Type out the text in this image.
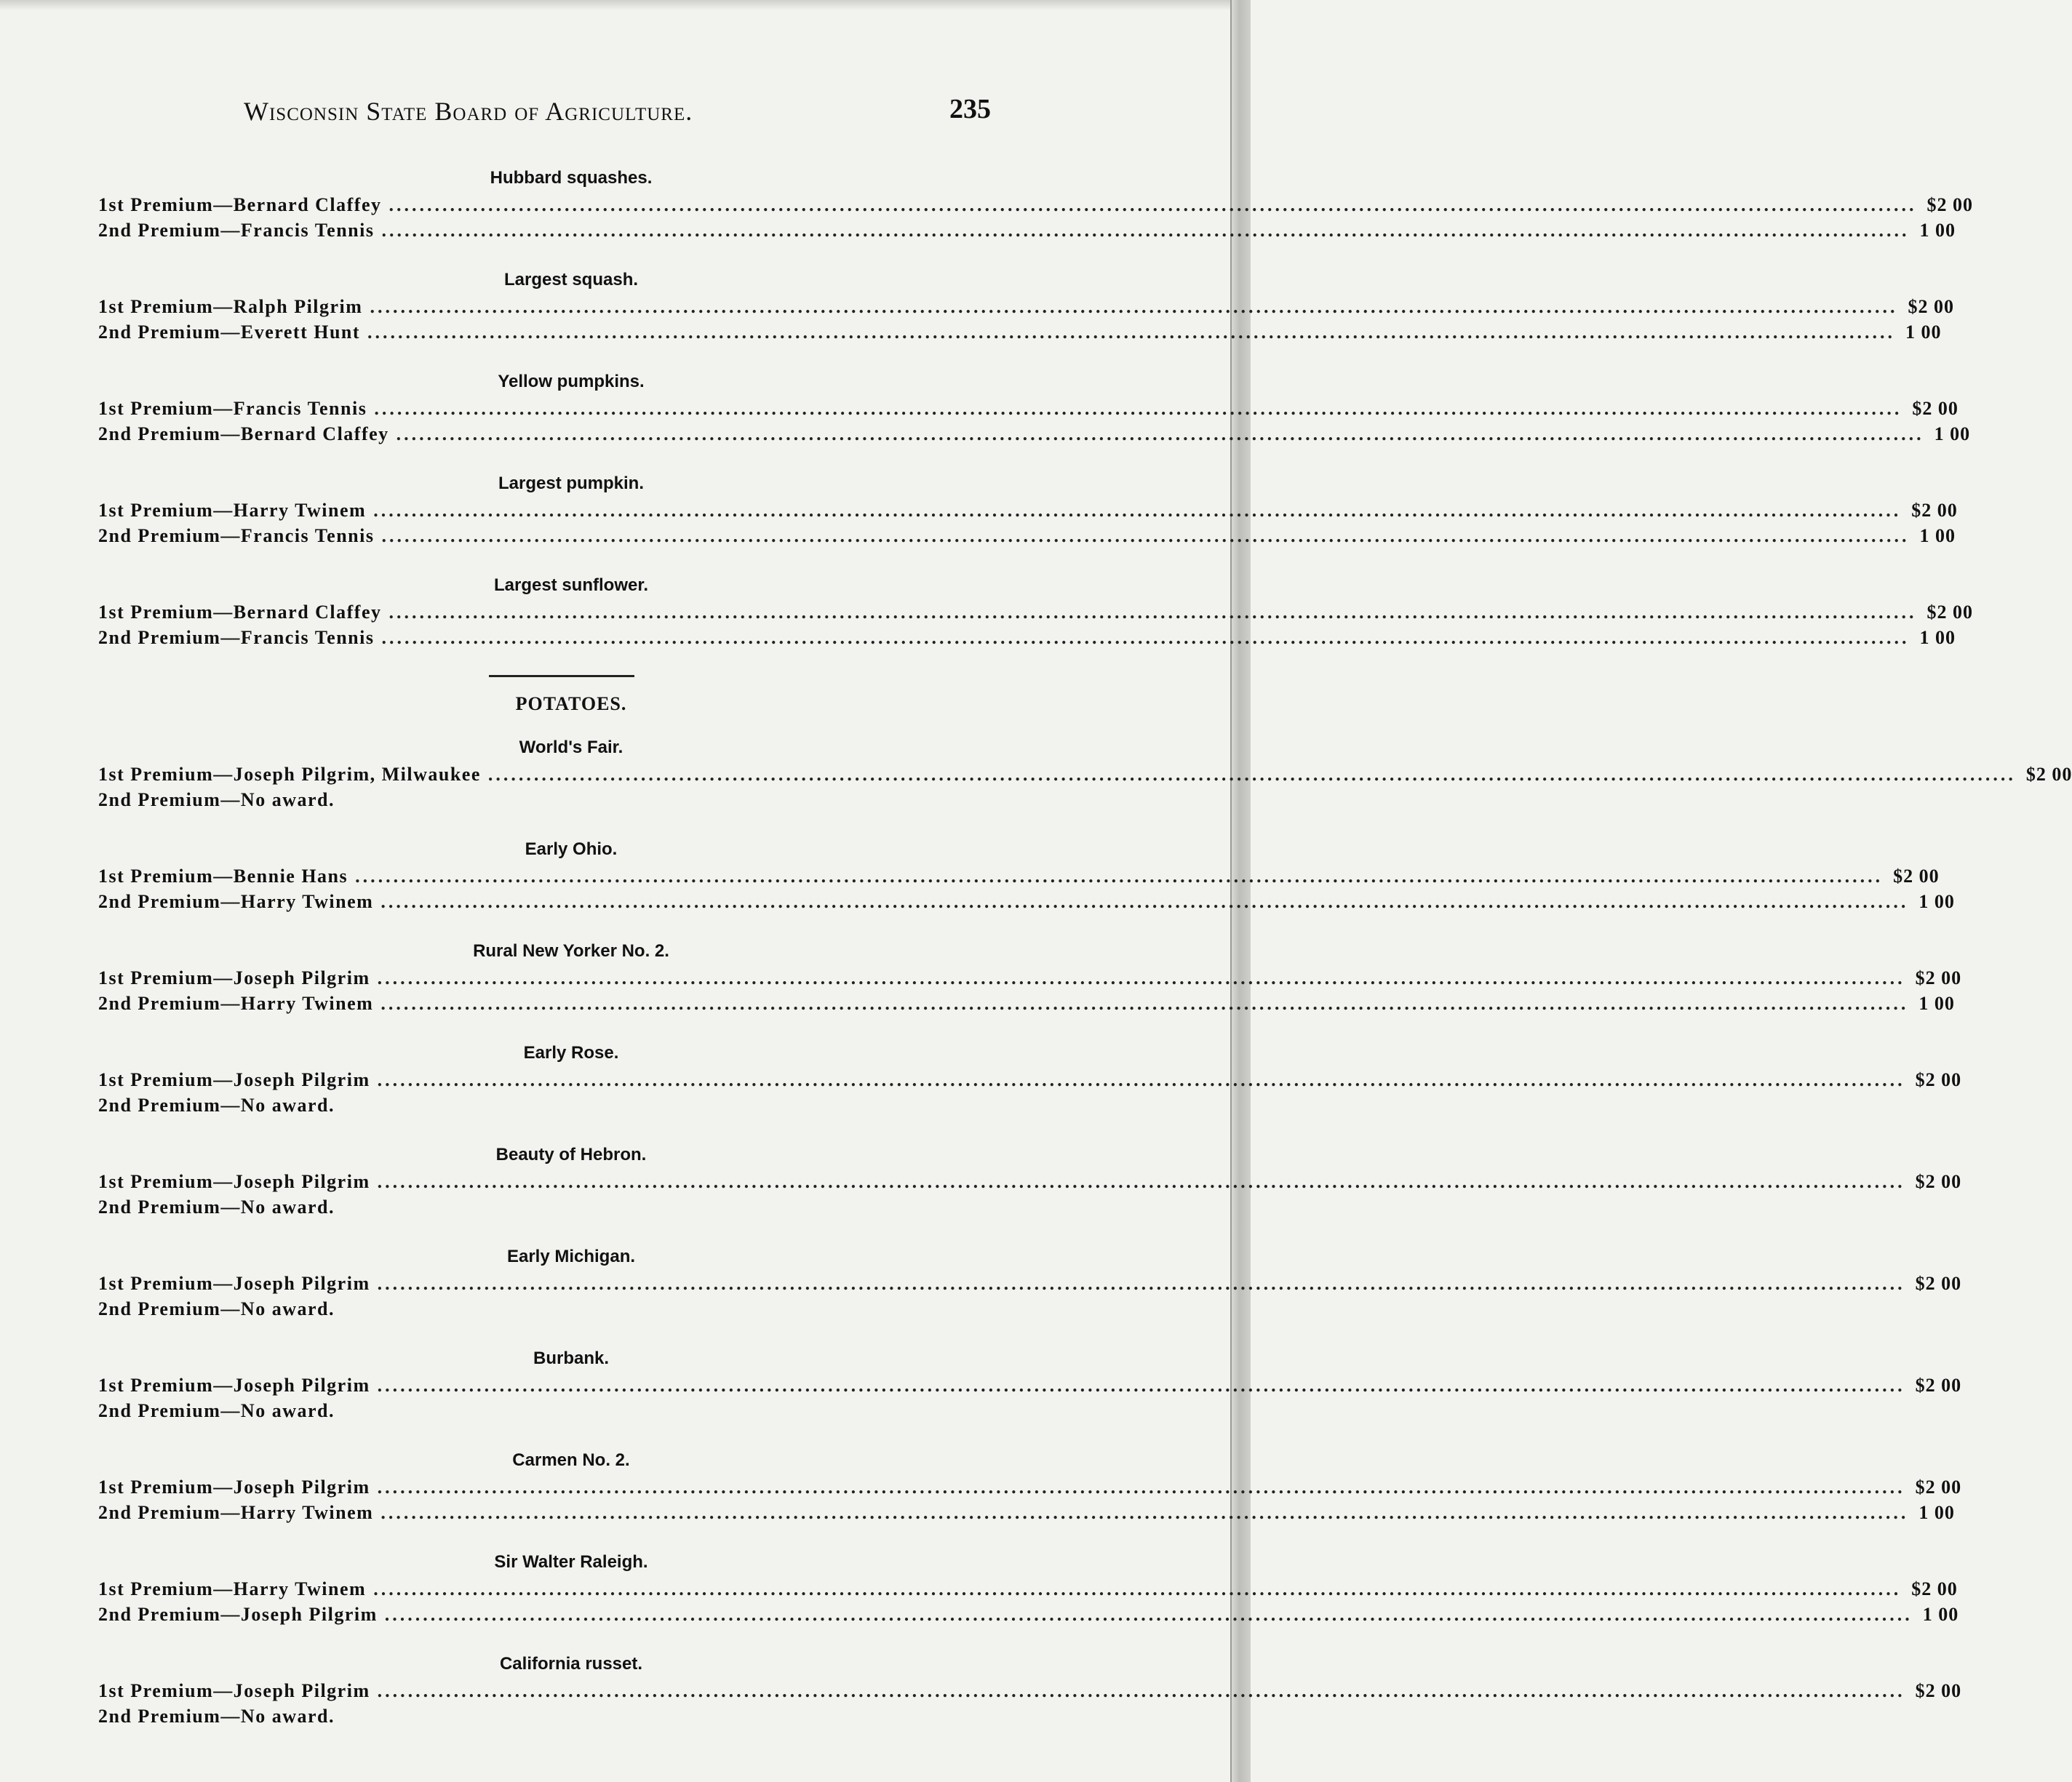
Wisconsin State Board of Agriculture.	235
Hubbard squashes.
1st Premium—Bernard Claffey ........................................................................................................................................................................................................ $2 00
2nd Premium—Francis Tennis ........................................................................................................................................................................................................ 1 00
Largest squash.
1st Premium—Ralph Pilgrim ........................................................................................................................................................................................................ $2 00
2nd Premium—Everett Hunt ........................................................................................................................................................................................................ 1 00
Yellow pumpkins.
1st Premium—Francis Tennis ........................................................................................................................................................................................................ $2 00
2nd Premium—Bernard Claffey ........................................................................................................................................................................................................ 1 00
Largest pumpkin.
1st Premium—Harry Twinem ........................................................................................................................................................................................................ $2 00
2nd Premium—Francis Tennis ........................................................................................................................................................................................................ 1 00
Largest sunflower.
1st Premium—Bernard Claffey ........................................................................................................................................................................................................ $2 00
2nd Premium—Francis Tennis ........................................................................................................................................................................................................ 1 00
POTATOES.
World's Fair.
1st Premium—Joseph Pilgrim, Milwaukee ........................................................................................................................................................................................................ $2 00
2nd Premium—No award.
Early Ohio.
1st Premium—Bennie Hans ........................................................................................................................................................................................................ $2 00
2nd Premium—Harry Twinem ........................................................................................................................................................................................................ 1 00
Rural New Yorker No. 2.
1st Premium—Joseph Pilgrim ........................................................................................................................................................................................................ $2 00
2nd Premium—Harry Twinem ........................................................................................................................................................................................................ 1 00
Early Rose.
1st Premium—Joseph Pilgrim ........................................................................................................................................................................................................ $2 00
2nd Premium—No award.
Beauty of Hebron.
1st Premium—Joseph Pilgrim ........................................................................................................................................................................................................ $2 00
2nd Premium—No award.
Early Michigan.
1st Premium—Joseph Pilgrim ........................................................................................................................................................................................................ $2 00
2nd Premium—No award.
Burbank.
1st Premium—Joseph Pilgrim ........................................................................................................................................................................................................ $2 00
2nd Premium—No award.
Carmen No. 2.
1st Premium—Joseph Pilgrim ........................................................................................................................................................................................................ $2 00
2nd Premium—Harry Twinem ........................................................................................................................................................................................................ 1 00
Sir Walter Raleigh.
1st Premium—Harry Twinem ........................................................................................................................................................................................................ $2 00
2nd Premium—Joseph Pilgrim ........................................................................................................................................................................................................ 1 00
California russet.
1st Premium—Joseph Pilgrim ........................................................................................................................................................................................................ $2 00
2nd Premium—No award.
